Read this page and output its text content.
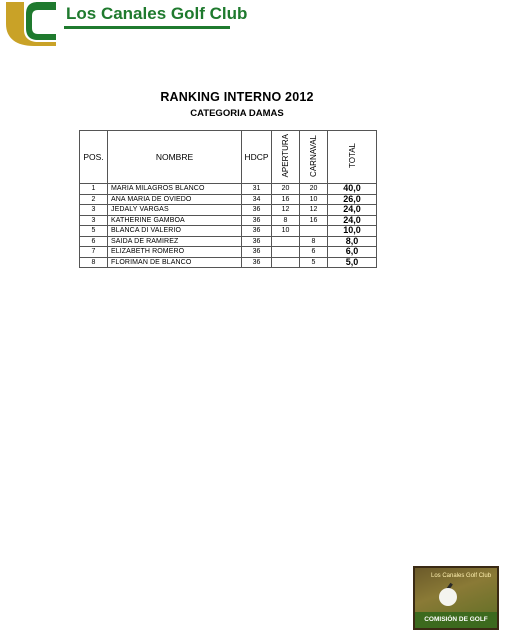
Los Canales Golf Club
RANKING INTERNO 2012
CATEGORIA DAMAS
POS.	NOMBRE	HDCP	APERTURA	CARNAVAL	TOTAL
1	MARIA MILAGROS BLANCO	31	20	20	40,0
2	ANA MARIA DE OVIEDO	34	16	10	26,0
3	JEDALY VARGAS	36	12	12	24,0
3	KATHERINE GAMBOA	36	8	16	24,0
5	BLANCA DI VALERIO	36	10		10,0
6	SAIDA DE RAMIREZ	36		8	8,0
7	ELIZABETH ROMERO	36		6	6,0
8	FLORIMAN DE BLANCO	36		5	5,0
Los Canales Golf Club
COMISIÓN DE GOLF
